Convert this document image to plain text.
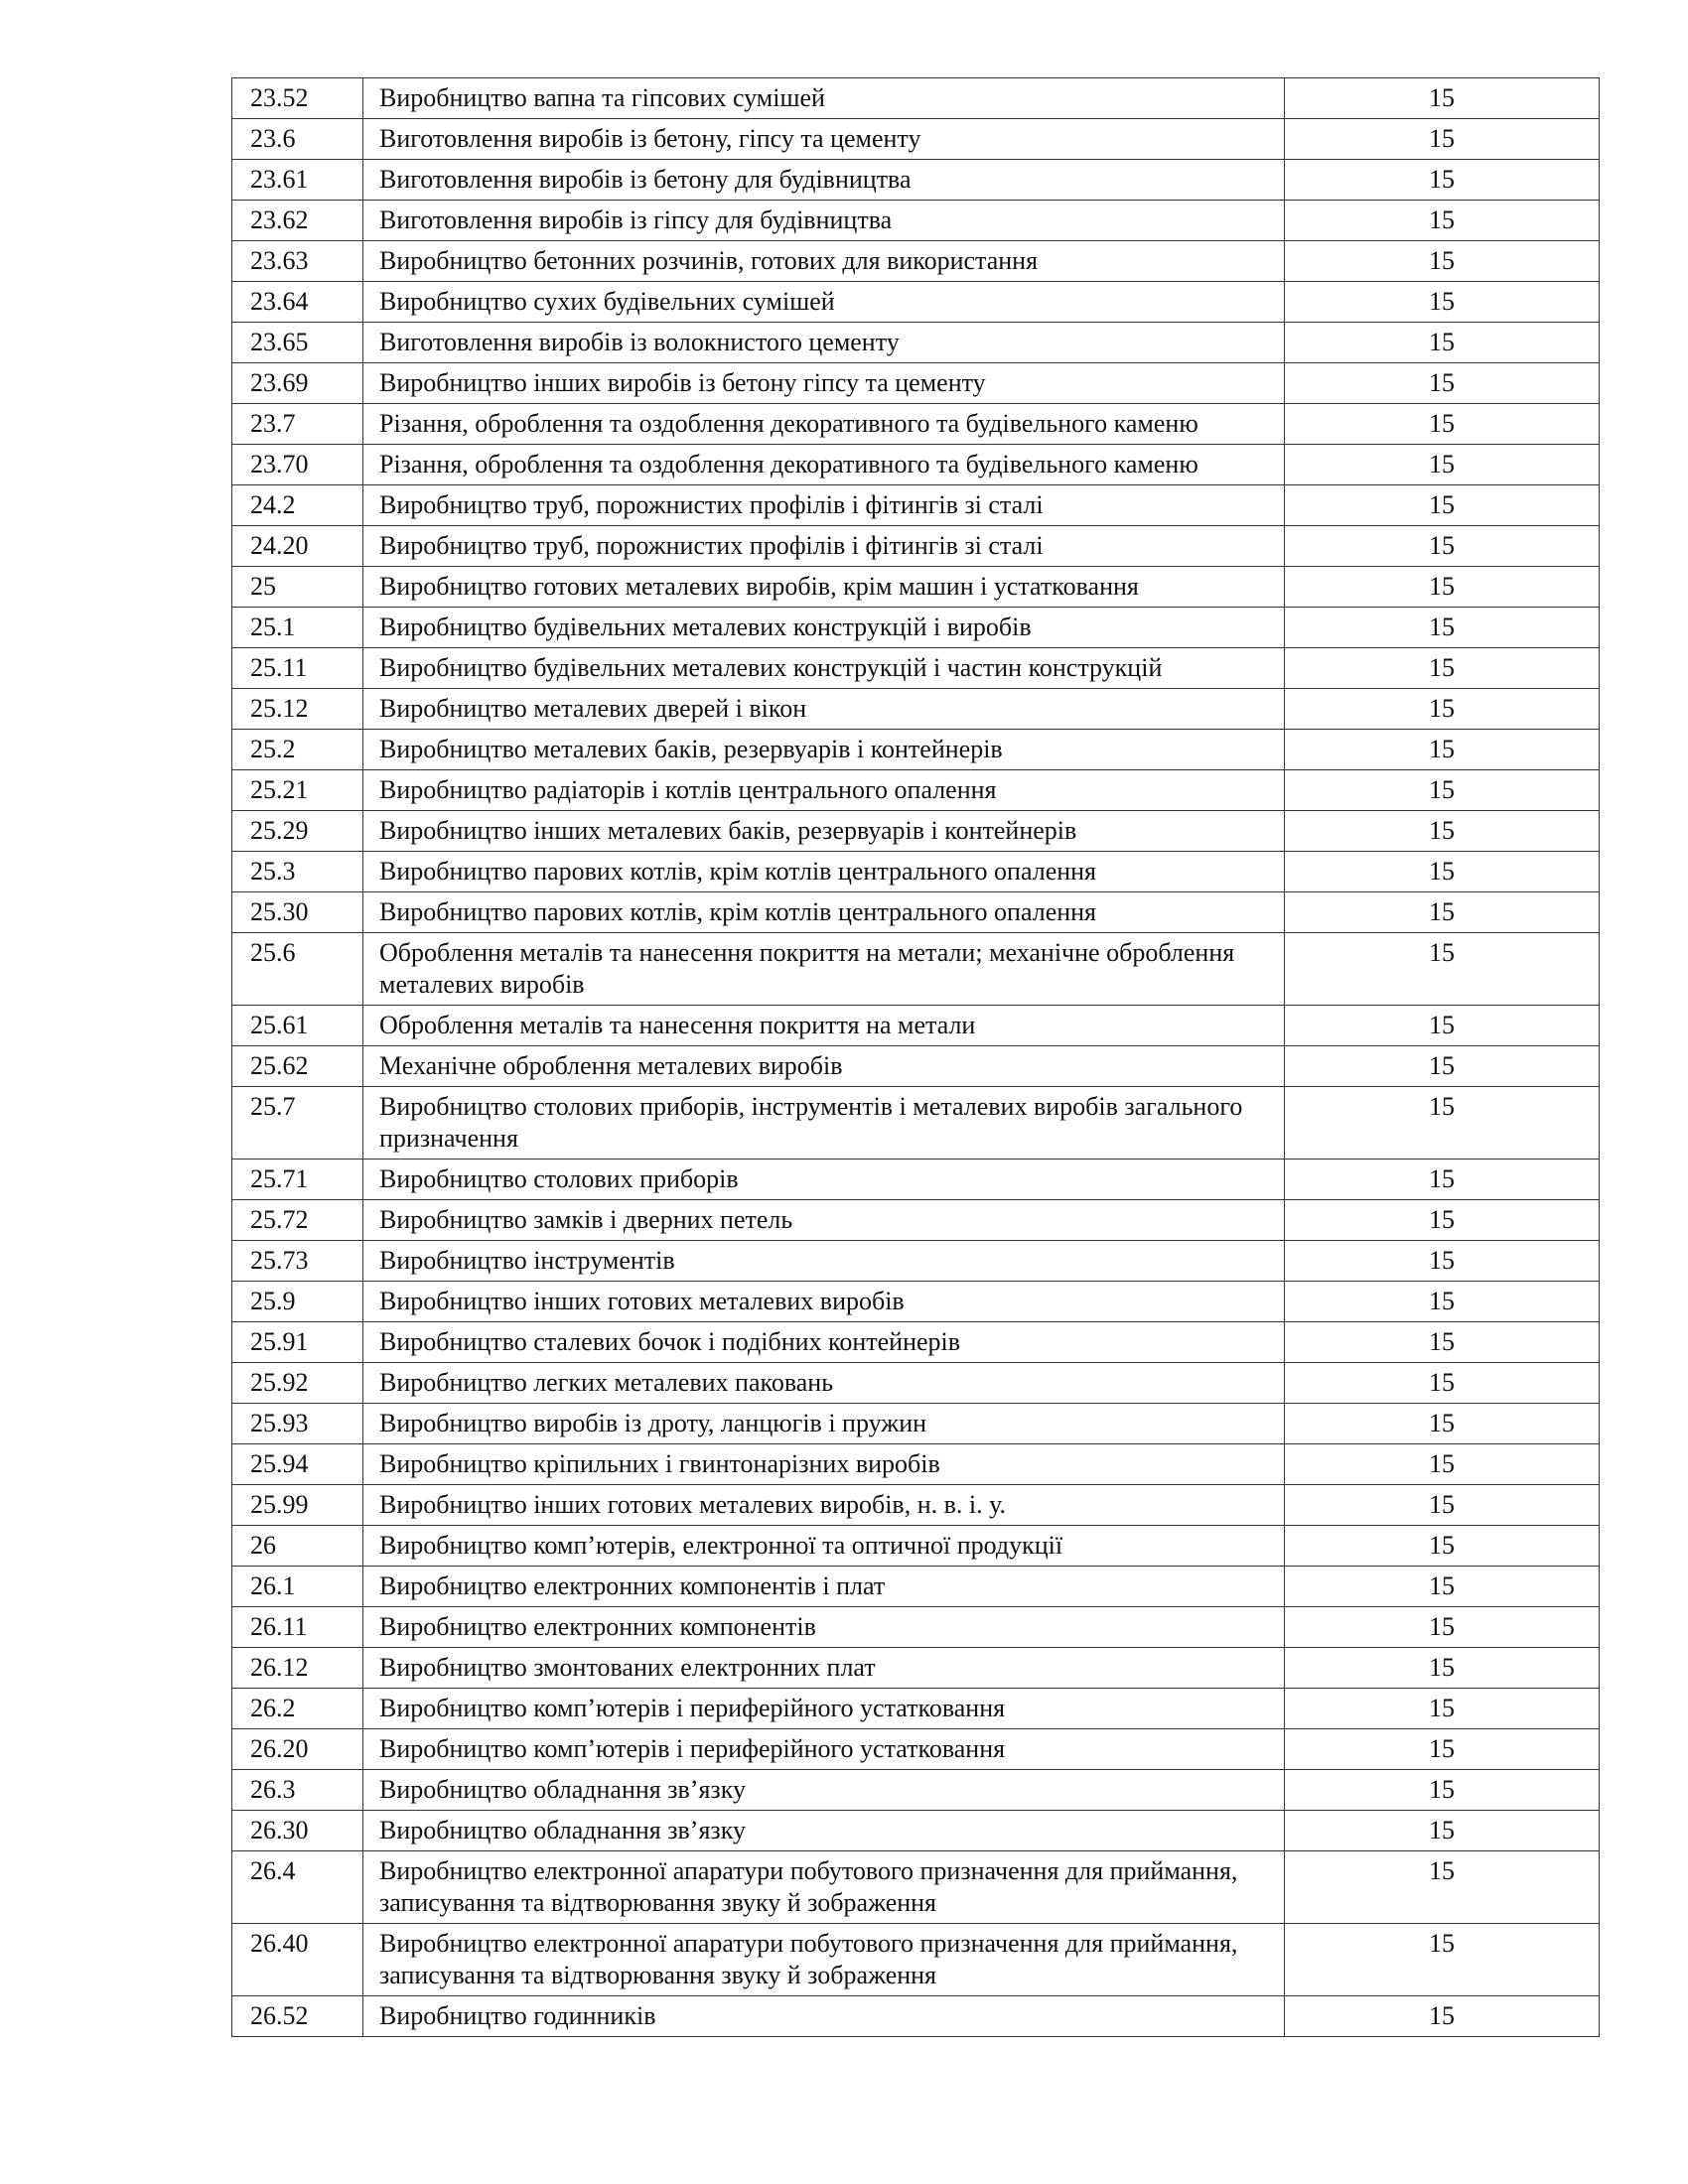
23.52	Виробництво вапна та гіпсових сумішей	15
23.6	Виготовлення виробів із бетону, гіпсу та цементу	15
23.61	Виготовлення виробів із бетону для будівництва	15
23.62	Виготовлення виробів із гіпсу для будівництва	15
23.63	Виробництво бетонних розчинів, готових для використання	15
23.64	Виробництво сухих будівельних сумішей	15
23.65	Виготовлення виробів із волокнистого цементу	15
23.69	Виробництво інших виробів із бетону гіпсу та цементу	15
23.7	Різання, оброблення та оздоблення декоративного та будівельного каменю	15
23.70	Різання, оброблення та оздоблення декоративного та будівельного каменю	15
24.2	Виробництво труб, порожнистих профілів і фітингів зі сталі	15
24.20	Виробництво труб, порожнистих профілів і фітингів зі сталі	15
25	Виробництво готових металевих виробів, крім машин і устатковання	15
25.1	Виробництво будівельних металевих конструкцій і виробів	15
25.11	Виробництво будівельних металевих конструкцій і частин конструкцій	15
25.12	Виробництво металевих дверей і вікон	15
25.2	Виробництво металевих баків, резервуарів і контейнерів	15
25.21	Виробництво радіаторів і котлів центрального опалення	15
25.29	Виробництво інших металевих баків, резервуарів і контейнерів	15
25.3	Виробництво парових котлів, крім котлів центрального опалення	15
25.30	Виробництво парових котлів, крім котлів центрального опалення	15
25.6	Оброблення металів та нанесення покриття на метали; механічне оброблення металевих виробів	15
25.61	Оброблення металів та нанесення покриття на метали	15
25.62	Механічне оброблення металевих виробів	15
25.7	Виробництво столових приборів, інструментів і металевих виробів загального призначення	15
25.71	Виробництво столових приборів	15
25.72	Виробництво замків і дверних петель	15
25.73	Виробництво інструментів	15
25.9	Виробництво інших готових металевих виробів	15
25.91	Виробництво сталевих бочок і подібних контейнерів	15
25.92	Виробництво легких металевих паковань	15
25.93	Виробництво виробів із дроту, ланцюгів і пружин	15
25.94	Виробництво кріпильних і гвинтонарізних виробів	15
25.99	Виробництво інших готових металевих виробів, н. в. і. у.	15
26	Виробництво комп’ютерів, електронної та оптичної продукції	15
26.1	Виробництво електронних компонентів і плат	15
26.11	Виробництво електронних компонентів	15
26.12	Виробництво змонтованих електронних плат	15
26.2	Виробництво комп’ютерів і периферійного устатковання	15
26.20	Виробництво комп’ютерів і периферійного устатковання	15
26.3	Виробництво обладнання зв’язку	15
26.30	Виробництво обладнання зв’язку	15
26.4	Виробництво електронної апаратури побутового призначення для приймання, записування та відтворювання звуку й зображення	15
26.40	Виробництво електронної апаратури побутового призначення для приймання, записування та відтворювання звуку й зображення	15
26.52	Виробництво годинників	15
